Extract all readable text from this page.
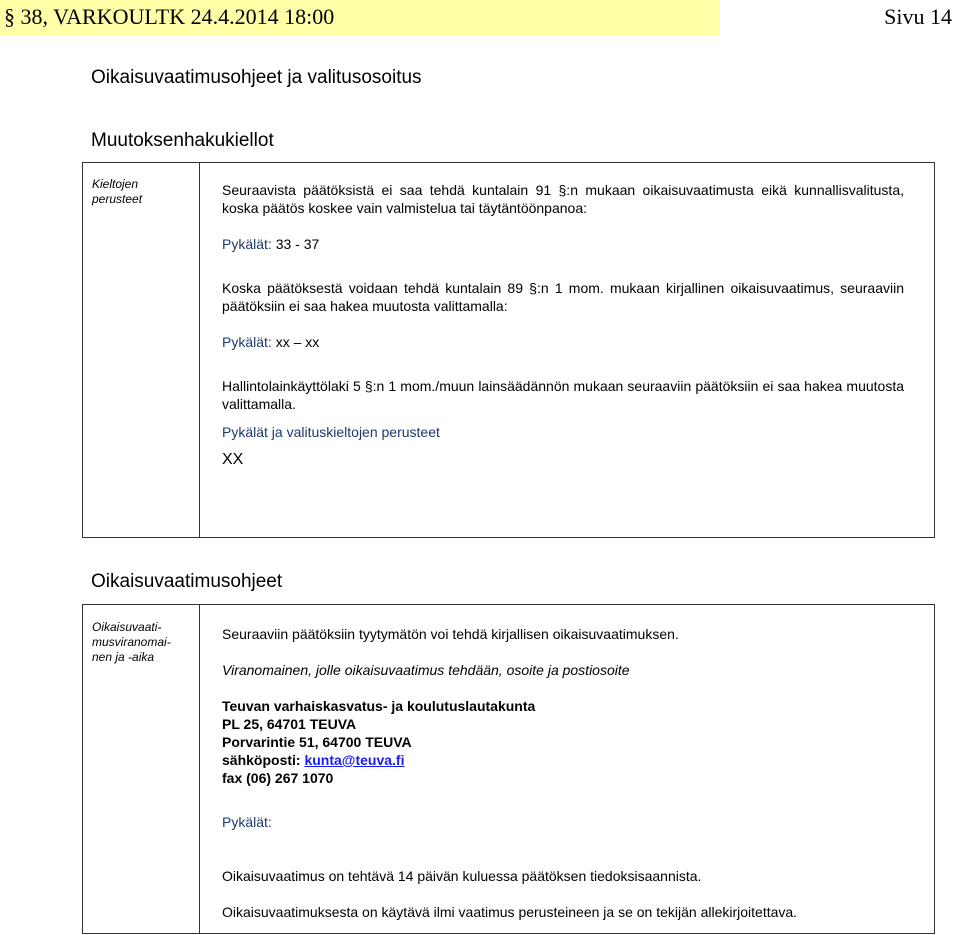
§ 38, VARKOULTK 24.4.2014 18:00	Sivu 14
Oikaisuvaatimusohjeet ja valitusosoitus
Muutoksenhakukiellot
Kieltojen
perusteet

Seuraavista päätöksistä ei saa tehdä kuntalain 91 §:n mukaan oikaisuvaatimusta eikä kunnallisvalitusta, koska päätös koskee vain valmistelua tai täytäntöönpanoa:

Pykälät: 33 - 37

Koska päätöksestä voidaan tehdä kuntalain 89 §:n 1 mom. mukaan kirjallinen oikaisuvaatimus, seuraaviin päätöksiin ei saa hakea muutosta valittamalla:

Pykälät: xx – xx

Hallintolainkäyttölaki 5 §:n 1 mom./muun lainsäädännön mukaan seuraaviin päätöksiin ei saa hakea muutosta valittamalla.

Pykälät ja valituskieltojen perusteet

XX

Oikaisuvaatimusohjeet
Oikaisuvaati-
musviranomai-
nen ja -aika

Seuraaviin päätöksiin tyytymätön voi tehdä kirjallisen oikaisuvaatimuksen.

Viranomainen, jolle oikaisuvaatimus tehdään, osoite ja postiosoite

Teuvan varhaiskasvatus- ja koulutuslautakunta

PL 25, 64701 TEUVA

Porvarintie 51, 64700 TEUVA

sähköposti: kunta@teuva.fi

fax (06) 267 1070

Pykälät:

Oikaisuvaatimus on tehtävä 14 päivän kuluessa päätöksen tiedoksisaannista.

Oikaisuvaatimuksesta on käytävä ilmi vaatimus perusteineen ja se on tekijän allekirjoitettava.
